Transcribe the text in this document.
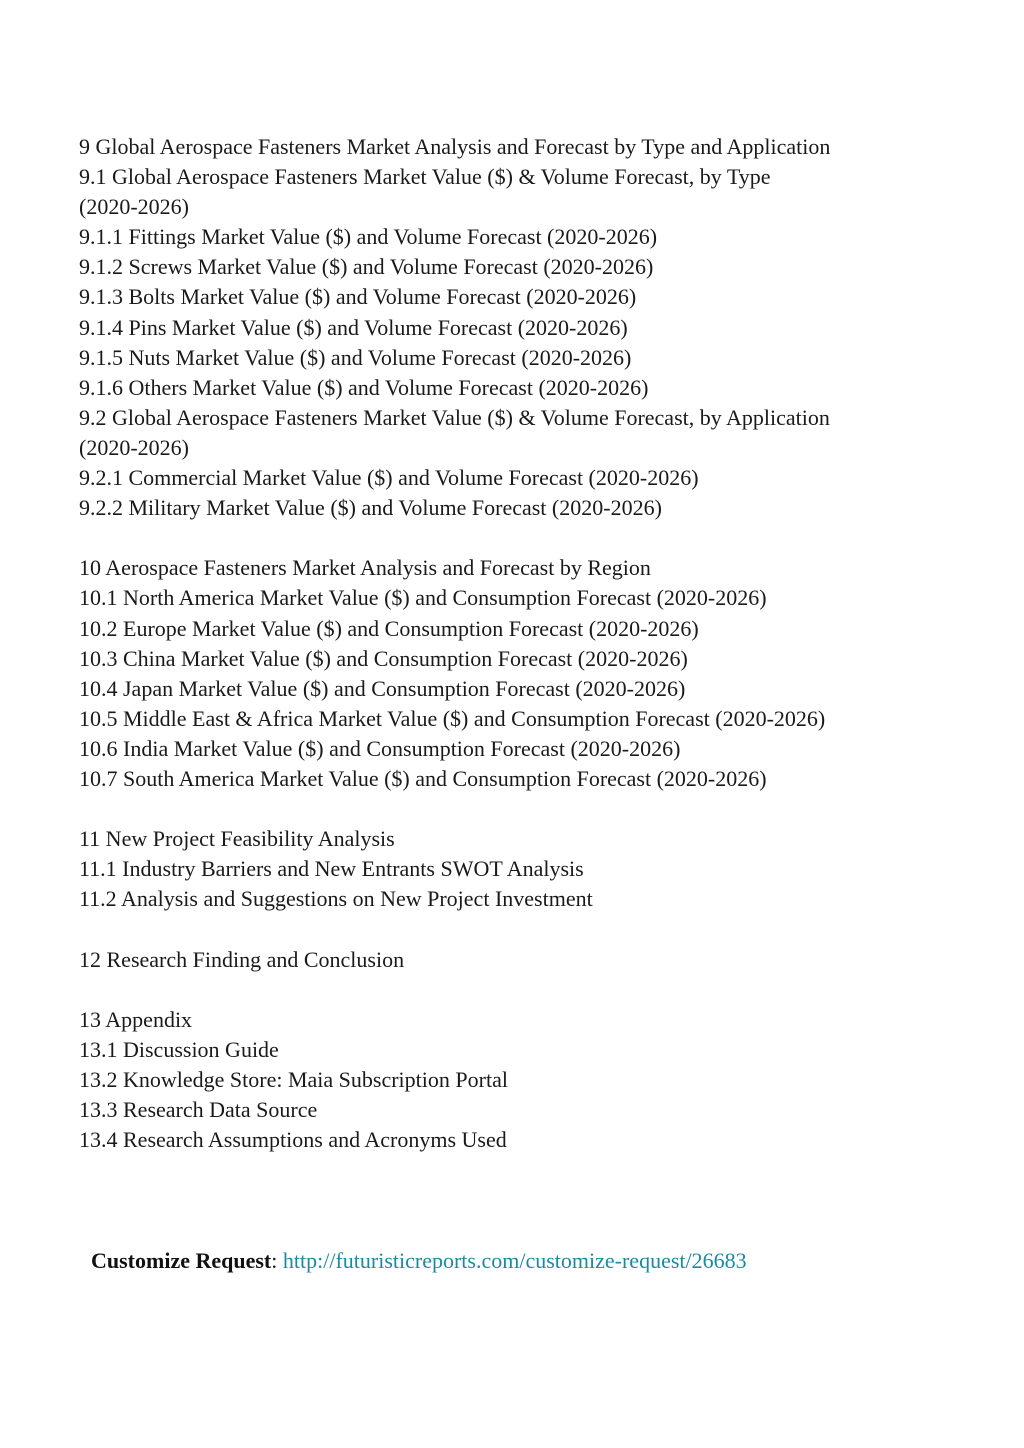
9 Global Aerospace Fasteners Market Analysis and Forecast by Type and Application
9.1 Global Aerospace Fasteners Market Value ($) & Volume Forecast, by Type
(2020-2026)
9.1.1 Fittings Market Value ($) and Volume Forecast (2020-2026)
9.1.2 Screws Market Value ($) and Volume Forecast (2020-2026)
9.1.3 Bolts Market Value ($) and Volume Forecast (2020-2026)
9.1.4 Pins Market Value ($) and Volume Forecast (2020-2026)
9.1.5 Nuts Market Value ($) and Volume Forecast (2020-2026)
9.1.6 Others Market Value ($) and Volume Forecast (2020-2026)
9.2 Global Aerospace Fasteners Market Value ($) & Volume Forecast, by Application
(2020-2026)
9.2.1 Commercial Market Value ($) and Volume Forecast (2020-2026)
9.2.2 Military Market Value ($) and Volume Forecast (2020-2026)
10 Aerospace Fasteners Market Analysis and Forecast by Region
10.1 North America Market Value ($) and Consumption Forecast (2020-2026)
10.2 Europe Market Value ($) and Consumption Forecast (2020-2026)
10.3 China Market Value ($) and Consumption Forecast (2020-2026)
10.4 Japan Market Value ($) and Consumption Forecast (2020-2026)
10.5 Middle East & Africa Market Value ($) and Consumption Forecast (2020-2026)
10.6 India Market Value ($) and Consumption Forecast (2020-2026)
10.7 South America Market Value ($) and Consumption Forecast (2020-2026)
11 New Project Feasibility Analysis
11.1 Industry Barriers and New Entrants SWOT Analysis
11.2 Analysis and Suggestions on New Project Investment
12 Research Finding and Conclusion
13 Appendix
13.1 Discussion Guide
13.2 Knowledge Store: Maia Subscription Portal
13.3 Research Data Source
13.4 Research Assumptions and Acronyms Used
Customize Request: http://futuristicreports.com/customize-request/26683
